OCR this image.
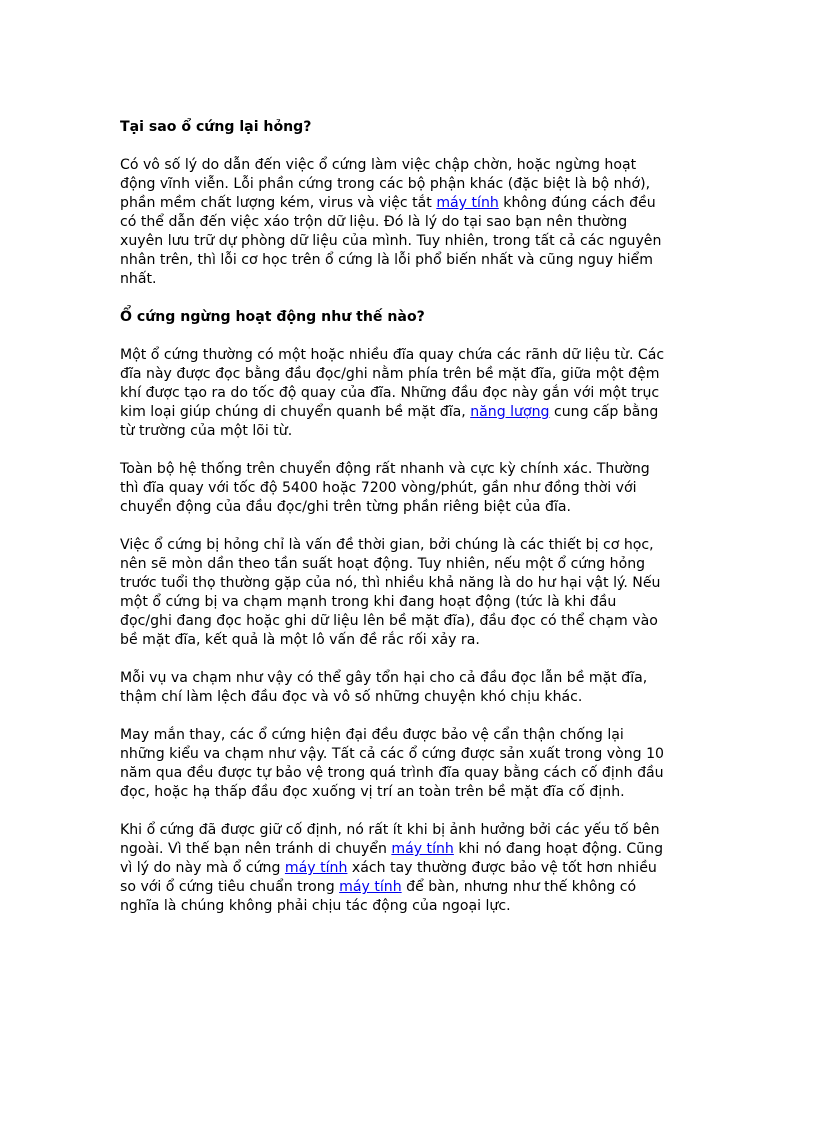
Tại sao ổ cứng lại hỏng?
Có vô số lý do dẫn đến việc ổ cứng làm việc chập chờn, hoặc ngừng hoạt
động vĩnh viễn. Lỗi phần cứng trong các bộ phận khác (đặc biệt là bộ nhớ),
phần mềm chất lượng kém, virus và việc tắt máy tính không đúng cách đều
có thể dẫn đến việc xáo trộn dữ liệu. Đó là lý do tại sao bạn nên thường
xuyên lưu trữ dự phòng dữ liệu của mình. Tuy nhiên, trong tất cả các nguyên
nhân trên, thì lỗi cơ học trên ổ cứng là lỗi phổ biến nhất và cũng nguy hiểm
nhất.
Ổ cứng ngừng hoạt động như thế nào?
Một ổ cứng thường có một hoặc nhiều đĩa quay chứa các rãnh dữ liệu từ. Các
đĩa này được đọc bằng đầu đọc/ghi nằm phía trên bề mặt đĩa, giữa một đệm
khí được tạo ra do tốc độ quay của đĩa. Những đầu đọc này gắn với một trục
kim loại giúp chúng di chuyển quanh bề mặt đĩa, năng lượng cung cấp bằng
từ trường của một lõi từ.
Toàn bộ hệ thống trên chuyển động rất nhanh và cực kỳ chính xác. Thường
thì đĩa quay với tốc độ 5400 hoặc 7200 vòng/phút, gần như đồng thời với
chuyển động của đầu đọc/ghi trên từng phần riêng biệt của đĩa.
Việc ổ cứng bị hỏng chỉ là vấn đề thời gian, bởi chúng là các thiết bị cơ học,
nên sẽ mòn dần theo tần suất hoạt động. Tuy nhiên, nếu một ổ cứng hỏng
trước tuổi thọ thường gặp của nó, thì nhiều khả năng là do hư hại vật lý. Nếu
một ổ cứng bị va chạm mạnh trong khi đang hoạt động (tức là khi đầu
đọc/ghi đang đọc hoặc ghi dữ liệu lên bề mặt đĩa), đầu đọc có thể chạm vào
bề mặt đĩa, kết quả là một lô vấn đề rắc rối xảy ra.
Mỗi vụ va chạm như vậy có thể gây tổn hại cho cả đầu đọc lẫn bề mặt đĩa,
thậm chí làm lệch đầu đọc và vô số những chuyện khó chịu khác.
May mắn thay, các ổ cứng hiện đại đều được bảo vệ cẩn thận chống lại
những kiểu va chạm như vậy. Tất cả các ổ cứng được sản xuất trong vòng 10
năm qua đều được tự bảo vệ trong quá trình đĩa quay bằng cách cố định đầu
đọc, hoặc hạ thấp đầu đọc xuống vị trí an toàn trên bề mặt đĩa cố định.
Khi ổ cứng đã được giữ cố định, nó rất ít khi bị ảnh hưởng bởi các yếu tố bên
ngoài. Vì thế bạn nên tránh di chuyển máy tính khi nó đang hoạt động. Cũng
vì lý do này mà ổ cứng máy tính xách tay thường được bảo vệ tốt hơn nhiều
so với ổ cứng tiêu chuẩn trong máy tính để bàn, nhưng như thế không có
nghĩa là chúng không phải chịu tác động của ngoại lực.
